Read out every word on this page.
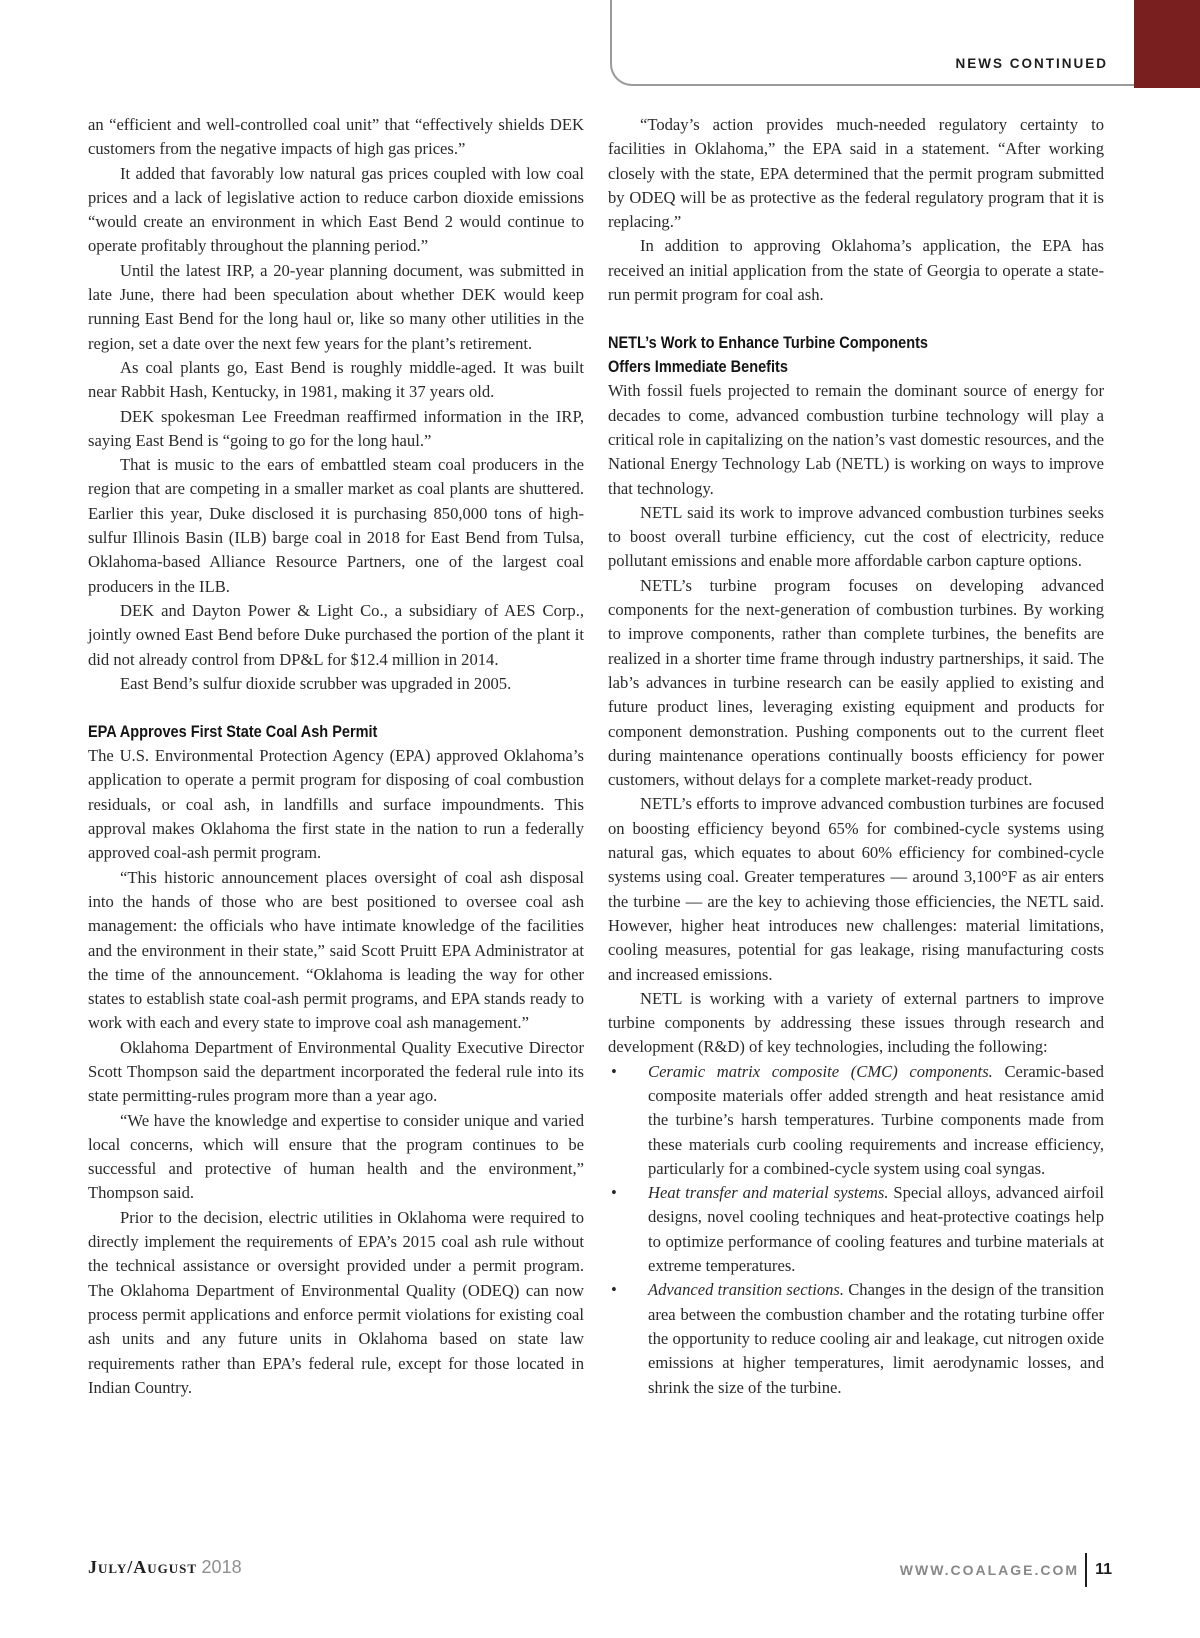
NEWS CONTINUED

an “efficient and well-controlled coal unit” that “effectively shields DEK customers from the negative impacts of high gas prices.”

It added that favorably low natural gas prices coupled with low coal prices and a lack of legislative action to reduce carbon dioxide emissions “would create an environment in which East Bend 2 would continue to operate profitably throughout the planning period.”

Until the latest IRP, a 20-year planning document, was submitted in late June, there had been speculation about whether DEK would keep running East Bend for the long haul or, like so many other utilities in the region, set a date over the next few years for the plant’s retirement.

As coal plants go, East Bend is roughly middle-aged. It was built near Rabbit Hash, Kentucky, in 1981, making it 37 years old.

DEK spokesman Lee Freedman reaffirmed information in the IRP, saying East Bend is “going to go for the long haul.”

That is music to the ears of embattled steam coal producers in the region that are competing in a smaller market as coal plants are shuttered. Earlier this year, Duke disclosed it is purchasing 850,000 tons of high-sulfur Illinois Basin (ILB) barge coal in 2018 for East Bend from Tulsa, Oklahoma-based Alliance Resource Partners, one of the largest coal producers in the ILB.

DEK and Dayton Power & Light Co., a subsidiary of AES Corp., jointly owned East Bend before Duke purchased the portion of the plant it did not already control from DP&L for $12.4 million in 2014.

East Bend’s sulfur dioxide scrubber was upgraded in 2005.

EPA Approves First State Coal Ash Permit

The U.S. Environmental Protection Agency (EPA) approved Oklahoma’s application to operate a permit program for disposing of coal combustion residuals, or coal ash, in landfills and surface impoundments. This approval makes Oklahoma the first state in the nation to run a federally approved coal-ash permit program.

“This historic announcement places oversight of coal ash disposal into the hands of those who are best positioned to oversee coal ash management: the officials who have intimate knowledge of the facilities and the environment in their state,” said Scott Pruitt EPA Administrator at the time of the announcement. “Oklahoma is leading the way for other states to establish state coal-ash permit programs, and EPA stands ready to work with each and every state to improve coal ash management.”

Oklahoma Department of Environmental Quality Executive Director Scott Thompson said the department incorporated the federal rule into its state permitting-rules program more than a year ago.

“We have the knowledge and expertise to consider unique and varied local concerns, which will ensure that the program continues to be successful and protective of human health and the environment,” Thompson said.

Prior to the decision, electric utilities in Oklahoma were required to directly implement the requirements of EPA’s 2015 coal ash rule without the technical assistance or oversight provided under a permit program. The Oklahoma Department of Environmental Quality (ODEQ) can now process permit applications and enforce permit violations for existing coal ash units and any future units in Oklahoma based on state law requirements rather than EPA’s federal rule, except for those located in Indian Country.

“Today’s action provides much-needed regulatory certainty to facilities in Oklahoma,” the EPA said in a statement. “After working closely with the state, EPA determined that the permit program submitted by ODEQ will be as protective as the federal regulatory program that it is replacing.”

In addition to approving Oklahoma’s application, the EPA has received an initial application from the state of Georgia to operate a state-run permit program for coal ash.

NETL’s Work to Enhance Turbine Components
Offers Immediate Benefits

With fossil fuels projected to remain the dominant source of energy for decades to come, advanced combustion turbine technology will play a critical role in capitalizing on the nation’s vast domestic resources, and the National Energy Technology Lab (NETL) is working on ways to improve that technology.

NETL said its work to improve advanced combustion turbines seeks to boost overall turbine efficiency, cut the cost of electricity, reduce pollutant emissions and enable more affordable carbon capture options.

NETL’s turbine program focuses on developing advanced components for the next-generation of combustion turbines. By working to improve components, rather than complete turbines, the benefits are realized in a shorter time frame through industry partnerships, it said. The lab’s advances in turbine research can be easily applied to existing and future product lines, leveraging existing equipment and products for component demonstration. Pushing components out to the current fleet during maintenance operations continually boosts efficiency for power customers, without delays for a complete market-ready product.

NETL’s efforts to improve advanced combustion turbines are focused on boosting efficiency beyond 65% for combined-cycle systems using natural gas, which equates to about 60% efficiency for combined-cycle systems using coal. Greater temperatures — around 3,100°F as air enters the turbine — are the key to achieving those efficiencies, the NETL said. However, higher heat introduces new challenges: material limitations, cooling measures, potential for gas leakage, rising manufacturing costs and increased emissions.

NETL is working with a variety of external partners to improve turbine components by addressing these issues through research and development (R&D) of key technologies, including the following:

• Ceramic matrix composite (CMC) components. Ceramic-based composite materials offer added strength and heat resistance amid the turbine’s harsh temperatures. Turbine components made from these materials curb cooling requirements and increase efficiency, particularly for a combined-cycle system using coal syngas.
• Heat transfer and material systems. Special alloys, advanced airfoil designs, novel cooling techniques and heat-protective coatings help to optimize performance of cooling features and turbine materials at extreme temperatures.
• Advanced transition sections. Changes in the design of the transition area between the combustion chamber and the rotating turbine offer the opportunity to reduce cooling air and leakage, cut nitrogen oxide emissions at higher temperatures, limit aerodynamic losses, and shrink the size of the turbine.
July/August 2018	WWW.COALAGE.COM 11
